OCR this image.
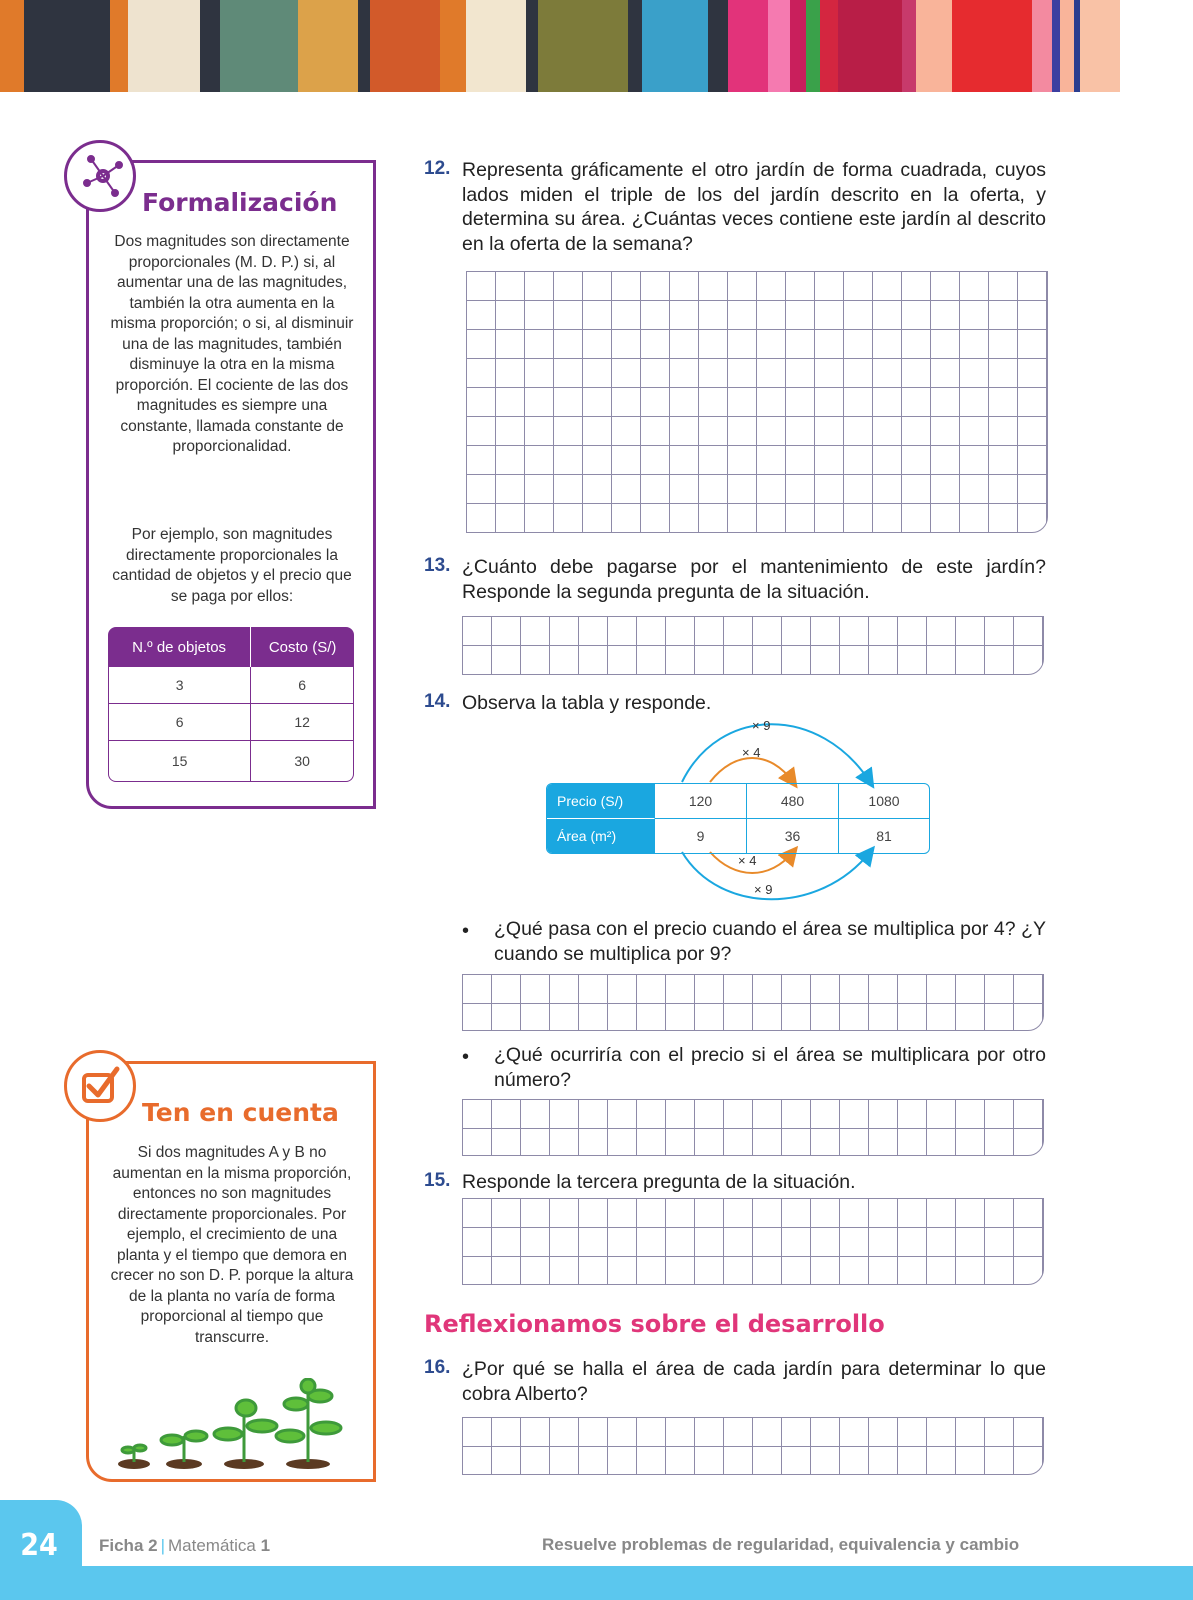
Formalización
Dos magnitudes son directamente proporcionales (M. D. P.) si, al aumentar una de las magnitudes, también la otra aumenta en la misma proporción; o si, al disminuir una de las magnitudes, también disminuye la otra en la misma proporción. El cociente de las dos magnitudes es siempre una constante, llamada constante de proporcionalidad.
Por ejemplo, son magnitudes directamente proporcionales la cantidad de objetos y el precio que se paga por ellos:
N.º de objetos	Costo (S/)
3	6
6	12
15	30
Ten en cuenta
Si dos magnitudes A y B no aumentan en la misma proporción, entonces no son magnitudes directamente proporcionales. Por ejemplo, el crecimiento de una planta y el tiempo que demora en crecer no son D. P. porque la altura de la planta no varía de forma proporcional al tiempo que transcurre.
12. Representa gráficamente el otro jardín de forma cuadrada, cuyos lados miden el triple de los del jardín descrito en la oferta, y determina su área. ¿Cuántas veces contiene este jardín al descrito en la oferta de la semana?
13. ¿Cuánto debe pagarse por el mantenimiento de este jardín? Responde la segunda pregunta de la situación.
14. Observa la tabla y responde.
× 9
× 4
× 4
× 9
Precio (S/)	120	480	1080
Área (m²)	9	36	81
• ¿Qué pasa con el precio cuando el área se multiplica por 4? ¿Y cuando se multiplica por 9?
• ¿Qué ocurriría con el precio si el área se multiplicara por otro número?
15. Responde la tercera pregunta de la situación.
Reflexionamos sobre el desarrollo
16. ¿Por qué se halla el área de cada jardín para determinar lo que cobra Alberto?
24	Ficha 2 | Matemática 1	Resuelve problemas de regularidad, equivalencia y cambio
